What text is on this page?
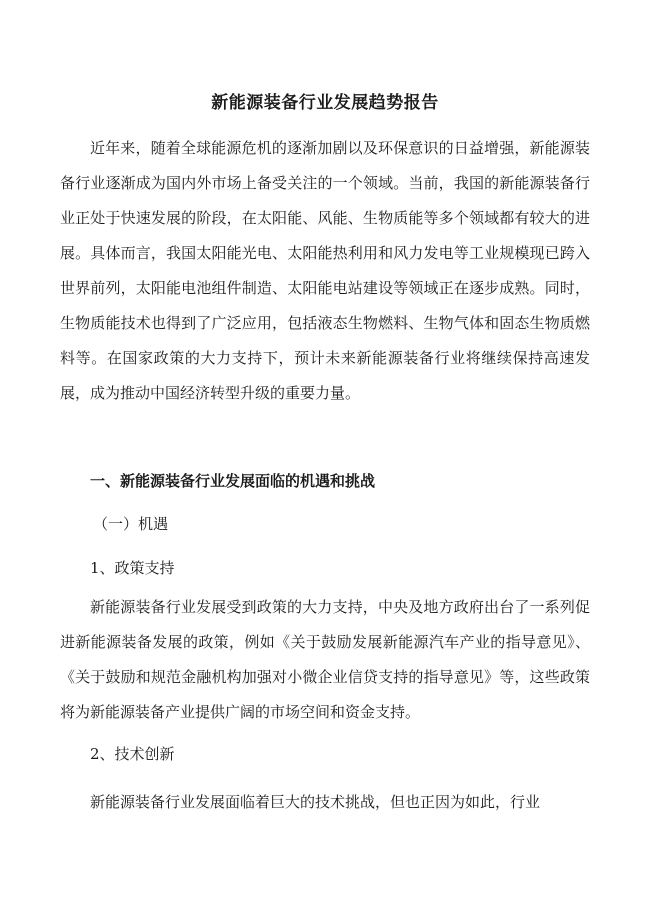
新能源装备行业发展趋势报告

近年来，随着全球能源危机的逐渐加剧以及环保意识的日益增强，新能源装备行业逐渐成为国内外市场上备受关注的一个领域。当前，我国的新能源装备行业正处于快速发展的阶段，在太阳能、风能、生物质能等多个领域都有较大的进展。具体而言，我国太阳能光电、太阳能热利用和风力发电等工业规模现已跨入世界前列，太阳能电池组件制造、太阳能电站建设等领域正在逐步成熟。同时，生物质能技术也得到了广泛应用，包括液态生物燃料、生物气体和固态生物质燃料等。在国家政策的大力支持下，预计未来新能源装备行业将继续保持高速发展，成为推动中国经济转型升级的重要力量。

一、新能源装备行业发展面临的机遇和挑战

（一）机遇

1、政策支持

新能源装备行业发展受到政策的大力支持，中央及地方政府出台了一系列促进新能源装备发展的政策，例如《关于鼓励发展新能源汽车产业的指导意见》、《关于鼓励和规范金融机构加强对小微企业信贷支持的指导意见》等，这些政策将为新能源装备产业提供广阔的市场空间和资金支持。

2、技术创新

新能源装备行业发展面临着巨大的技术挑战，但也正因为如此，行业
